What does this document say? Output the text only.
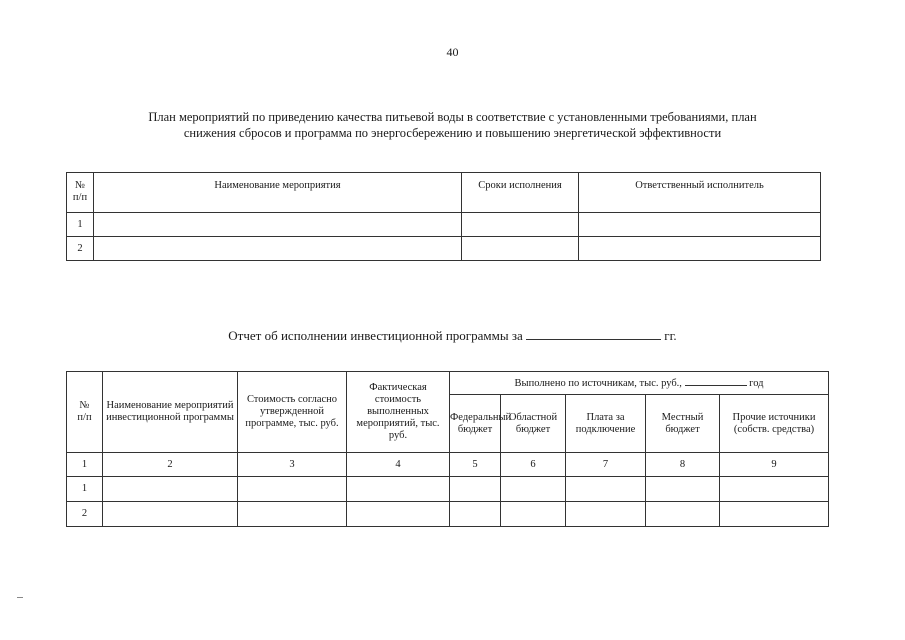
40
План мероприятий по приведению качества питьевой воды в соответствие с установленными требованиями, план
снижения сбросов и программа по энергосбережению и повышению энергетической эффективности
№
п/п	Наименование мероприятия	Сроки исполнения	Ответственный исполнитель
1			
2			
Отчет об исполнении инвестиционной программы за	гг.
№
п/п	Наименование мероприятий инвестиционной программы	Стоимость согласно утвержденной программе, тыс. руб.	Фактическая стоимость выполненных мероприятий, тыс. руб.	Выполнено по источникам, тыс. руб., год				
				Федеральный бюджет	Областной бюджет	Плата за подключение	Местный бюджет	Прочие источники (собств. средства)
1	2	3	4	5	6	7	8	9
1								
2								
